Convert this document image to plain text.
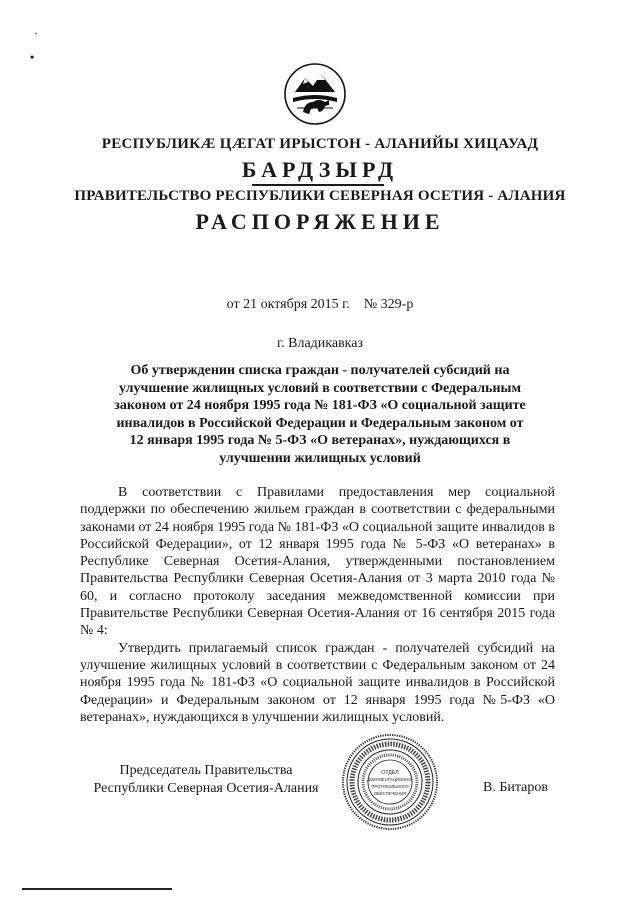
ˋ
•
РЕСПУБЛИКÆ ЦÆГАТ ИРЫСТОН - АЛАНИЙЫ ХИЦАУАД
БАРДЗЫРД
ПРАВИТЕЛЬСТВО РЕСПУБЛИКИ СЕВЕРНАЯ ОСЕТИЯ - АЛАНИЯ
РАСПОРЯЖЕНИЕ
от 21 октября 2015 г. № 329-р
г. Владикавказ
Об утверждении списка граждан - получателей субсидий на улучшение жилищных условий в соответствии с Федеральным законом от 24 ноября 1995 года № 181-ФЗ «О социальной защите инвалидов в Российской Федерации и Федеральным законом от 12 января 1995 года № 5-ФЗ «О ветеранах», нуждающихся в улучшении жилищных условий

В соответствии с Правилами предоставления мер социальной поддержки по обеспечению жильем граждан в соответствии с федеральными законами от 24 ноября 1995 года № 181-ФЗ «О социальной защите инвалидов в Российской Федерации», от 12 января 1995 года № 5-ФЗ «О ветеранах» в Республике Северная Осетия-Алания, утвержденными постановлением Правительства Республики Северная Осетия-Алания от 3 марта 2010 года № 60, и согласно протоколу заседания межведомственной комиссии при Правительстве Республики Северная Осетия-Алания от 16 сентября 2015 года № 4:

Утвердить прилагаемый список граждан - получателей субсидий на улучшение жилищных условий в соответствии с Федеральным законом от 24 ноября 1995 года № 181-ФЗ «О социальной защите инвалидов в Российской Федерации» и Федеральным законом от 12 января 1995 года №5-ФЗ «О ветеранах», нуждающихся в улучшении жилищных условий.

Председатель Правительства
Республики Северная Осетия-Алания
ОТДЕЛ
ДОКУМЕНТАЦИОННО-
ПРОТОКОЛЬНОГО
ОБЕСПЕЧЕНИЯ	В. Битаров
